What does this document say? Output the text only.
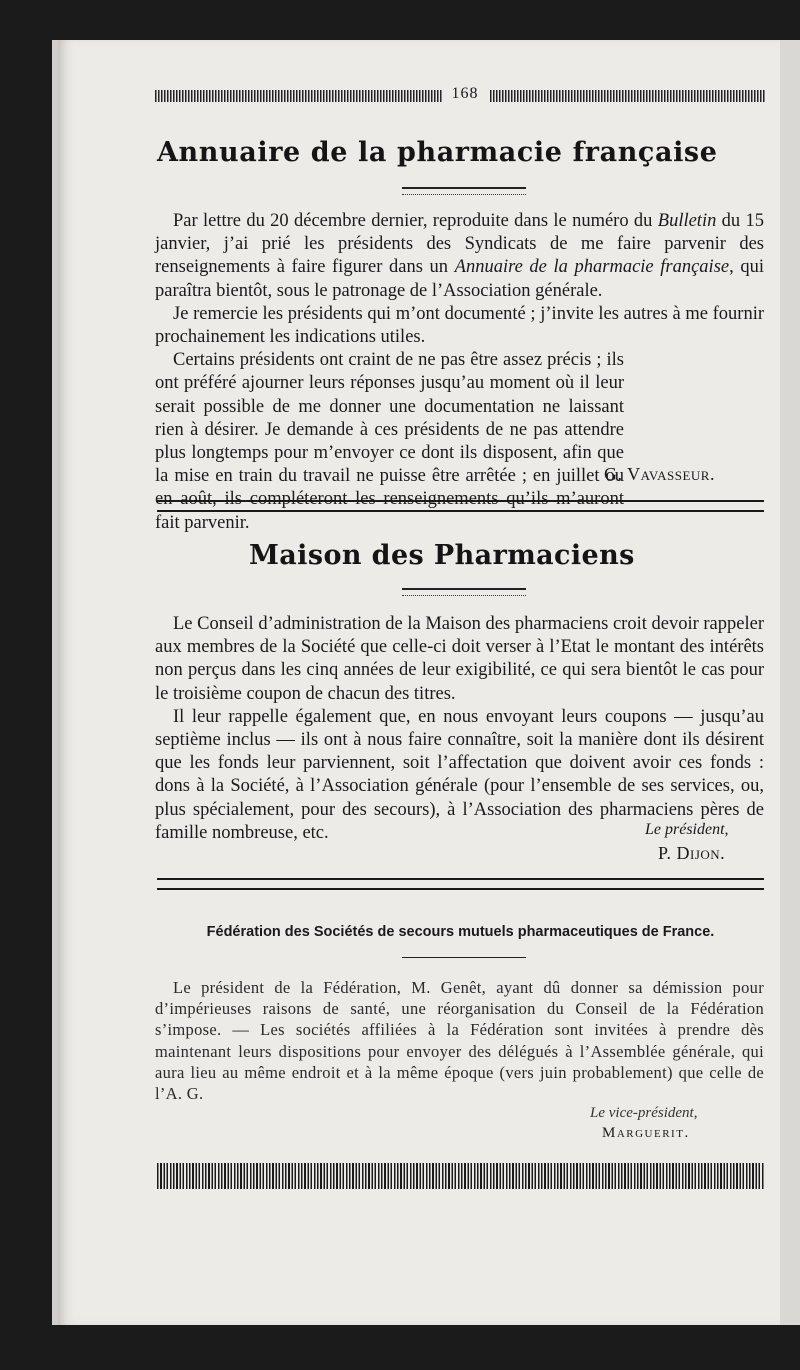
168
Annuaire de la pharmacie française

Par lettre du 20 décembre dernier, reproduite dans le numéro du Bulletin du 15 janvier, j’ai prié les présidents des Syndicats de me faire parvenir des renseignements à faire figurer dans un Annuaire de la pharmacie française, qui paraîtra bientôt, sous le patronage de l’Association générale.

Je remercie les présidents qui m’ont documenté ; j’invite les autres à me fournir prochainement les indications utiles.

Certains présidents ont craint de ne pas être assez précis ; ils ont préféré ajourner leurs réponses jusqu’au moment où il leur serait possible de me donner une documentation ne laissant rien à désirer. Je demande à ces présidents de ne pas attendre plus longtemps pour m’envoyer ce dont ils disposent, afin que la mise en train du travail ne puisse être arrêtée ; en juillet ou en août, ils compléteront les renseignements qu’ils m’auront fait parvenir.

G. Vavasseur.
Maison des Pharmaciens

Le Conseil d’administration de la Maison des pharmaciens croit devoir rappeler aux membres de la Société que celle-ci doit verser à l’Etat le montant des intérêts non perçus dans les cinq années de leur exigibilité, ce qui sera bientôt le cas pour le troisième coupon de chacun des titres.

Il leur rappelle également que, en nous envoyant leurs coupons — jusqu’au septième inclus — ils ont à nous faire connaître, soit la manière dont ils désirent que les fonds leur parviennent, soit l’affectation que doivent avoir ces fonds : dons à la Société, à l’Association générale (pour l’ensemble de ses services, ou, plus spécialement, pour des secours), à l’Association des pharmaciens pères de famille nombreuse, etc.	Le président,
P. Dijon.
Fédération des Sociétés de secours mutuels pharmaceutiques de France.

Le président de la Fédération, M. Genêt, ayant dû donner sa démission pour d’impérieuses raisons de santé, une réorganisation du Conseil de la Fédération s’impose. — Les sociétés affiliées à la Fédération sont invitées à prendre dès maintenant leurs dispositions pour envoyer des délégués à l’Assemblée générale, qui aura lieu au même endroit et à la même époque (vers juin probablement) que celle de l’A. G.

Le vice-président,
Marguerit.
